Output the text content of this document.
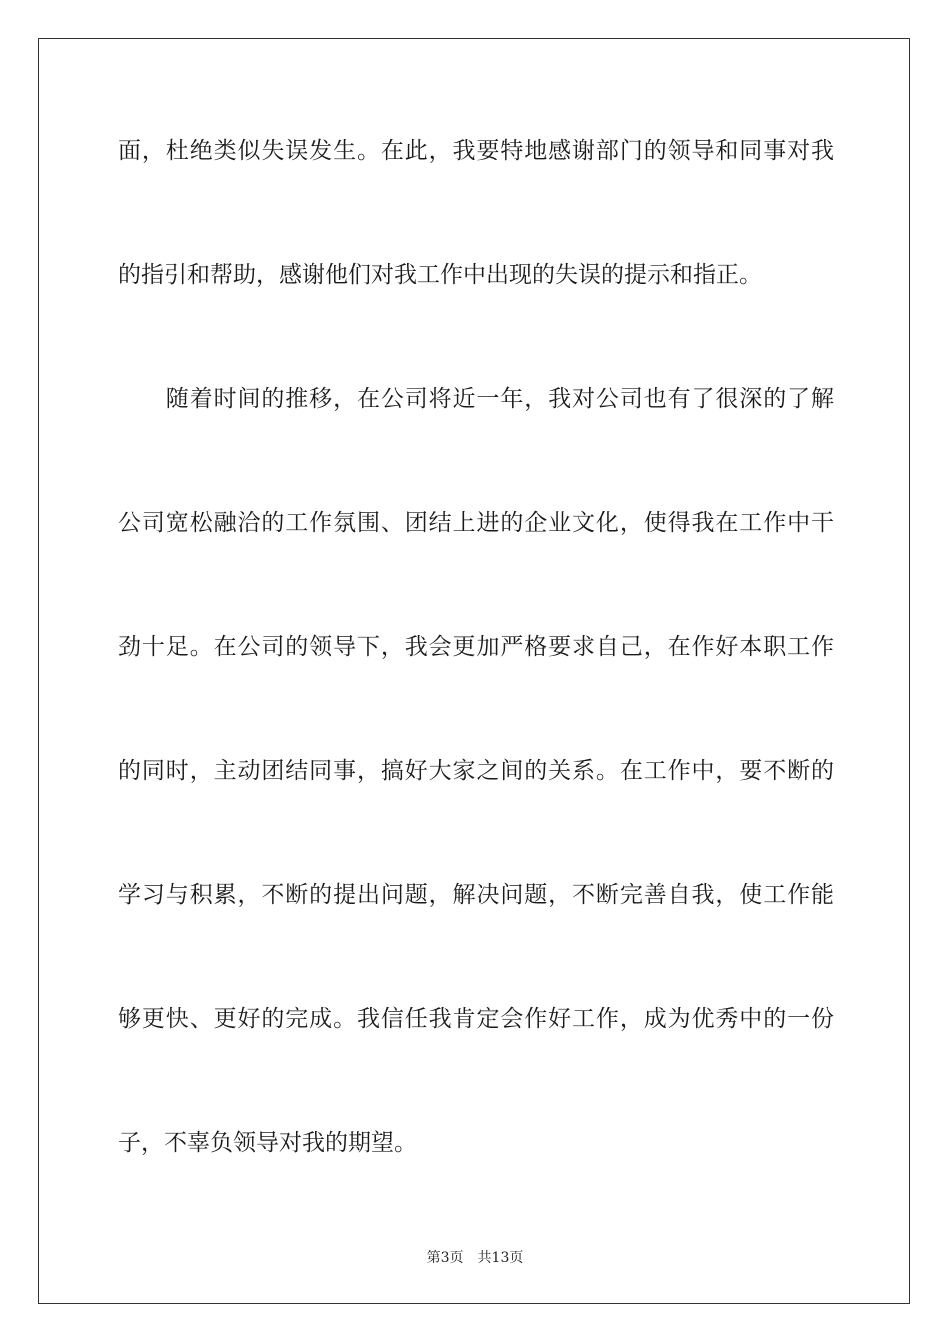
面，杜绝类似失误发生。在此，我要特地感谢部门的领导和同事对我
的指引和帮助，感谢他们对我工作中出现的失误的提示和指正。
　　随着时间的推移，在公司将近一年，我对公司也有了很深的了解
公司宽松融洽的工作氛围、团结上进的企业文化，使得我在工作中干
劲十足。在公司的领导下，我会更加严格要求自己，在作好本职工作
的同时，主动团结同事，搞好大家之间的关系。在工作中，要不断的
学习与积累，不断的提出问题，解决问题，不断完善自我，使工作能
够更快、更好的完成。我信任我肯定会作好工作，成为优秀中的一份
子，不辜负领导对我的期望。
第3页　共13页
